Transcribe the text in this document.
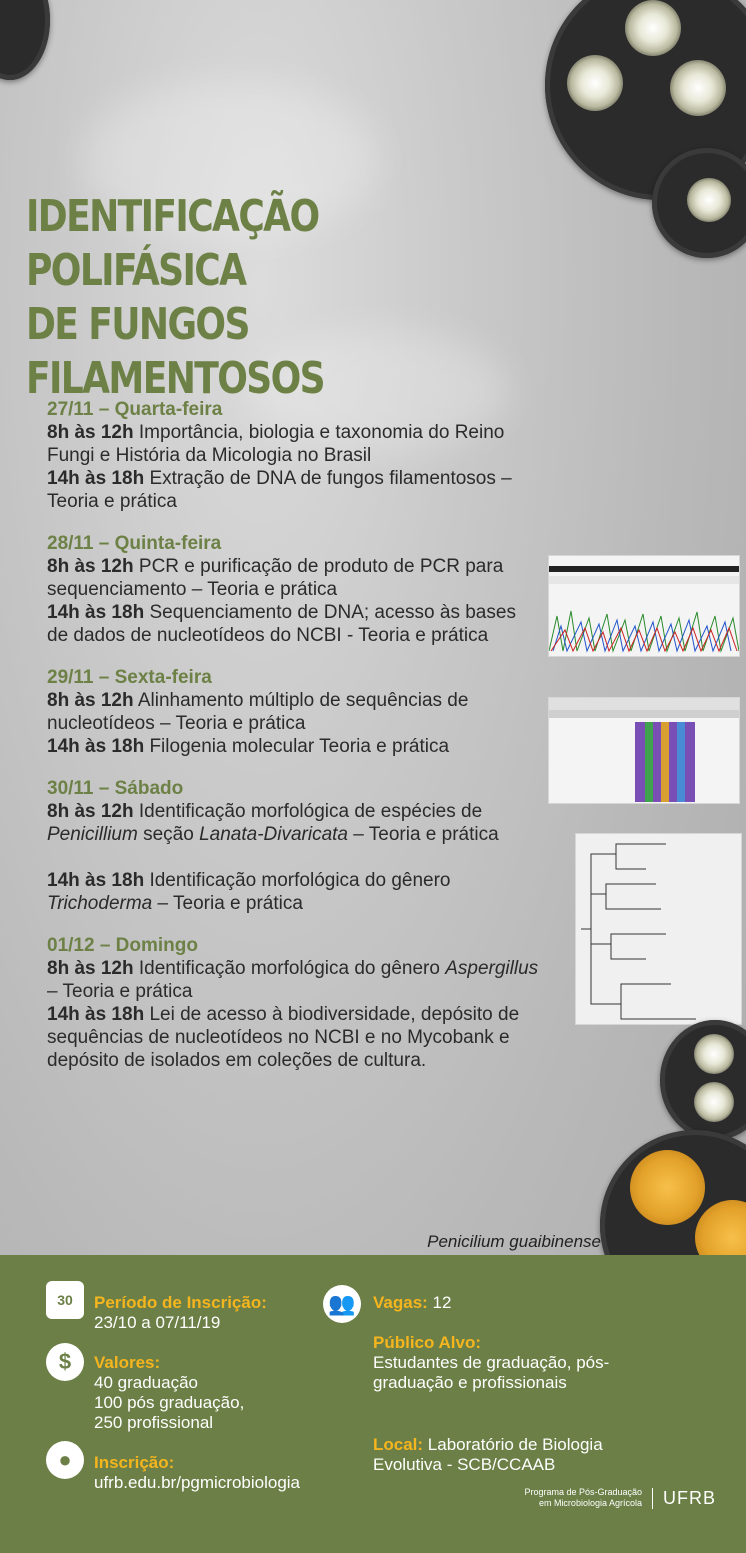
IDENTIFICAÇÃO POLIFÁSICA
DE FUNGOS FILAMENTOSOS
27/11 – Quarta-feira
8h às 12h Importância, biologia e taxonomia do Reino Fungi e História da Micologia no Brasil
14h às 18h Extração de DNA de fungos filamentosos – Teoria e prática
28/11 – Quinta-feira
8h às 12h PCR e purificação de produto de PCR para sequenciamento – Teoria e prática
14h às 18h Sequenciamento de DNA; acesso às bases de dados de nucleotídeos do NCBI - Teoria e prática
29/11 – Sexta-feira
8h às 12h Alinhamento múltiplo de sequências de nucleotídeos – Teoria e prática
14h às 18h Filogenia molecular Teoria e prática
30/11 – Sábado
8h às 12h Identificação morfológica de espécies de Penicillium seção Lanata-Divaricata – Teoria e prática
14h às 18h Identificação morfológica do gênero Trichoderma – Teoria e prática
01/12 – Domingo
8h às 12h Identificação morfológica do gênero Aspergillus – Teoria e prática
14h às 18h Lei de acesso à biodiversidade, depósito de sequências de nucleotídeos no NCBI e no Mycobank e depósito de isolados em coleções de cultura.
Penicilium guaibinense
30 Período de Inscrição:
23/10 a 07/11/19
$	Valores:
40 graduação
100 pós graduação,
250 profissional
●	Inscrição:
ufrb.edu.br/pgmicrobiologia
👥	Vagas: 12
Público Alvo:
Estudantes de graduação, pós-graduação e profissionais
Local: Laboratório de Biologia Evolutiva - SCB/CCAAB
Programa de Pós-Graduação
em Microbiologia Agrícola	UFRB
